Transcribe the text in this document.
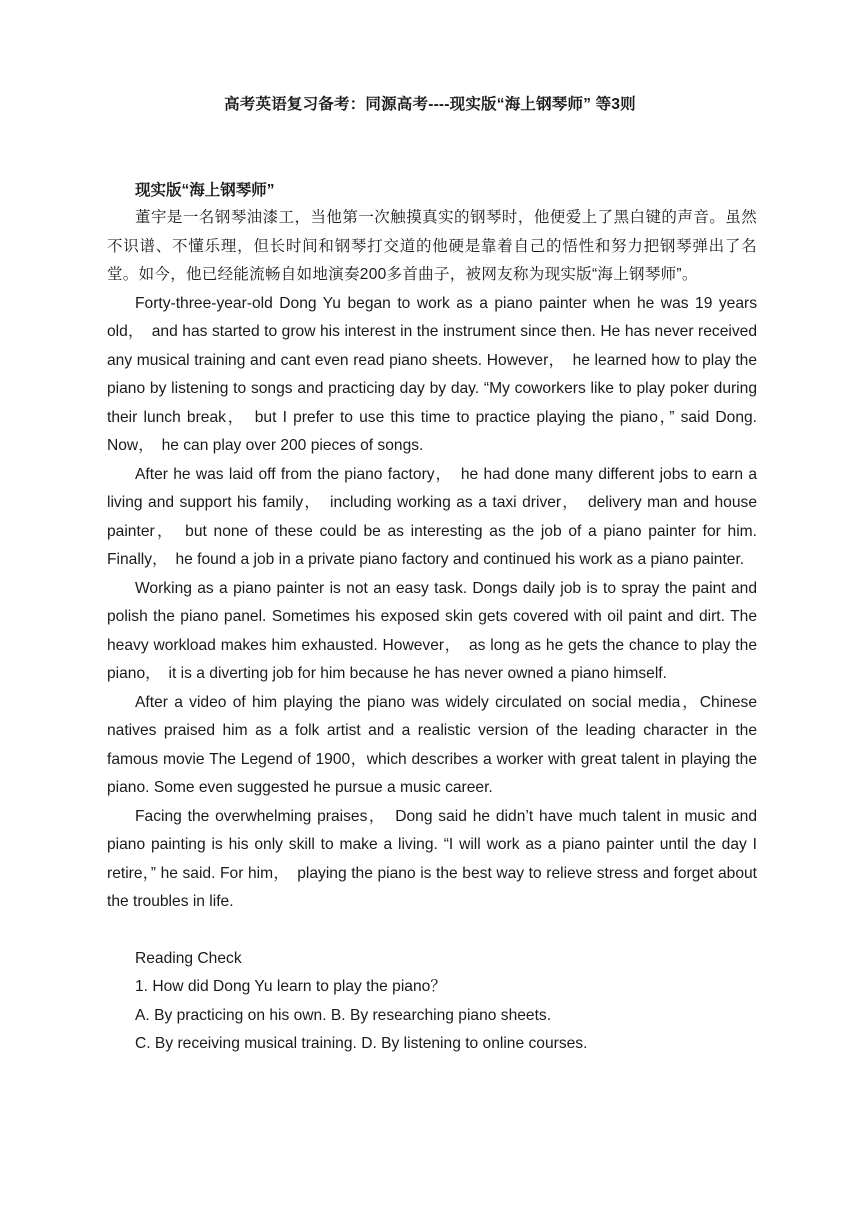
高考英语复习备考：同源高考----现实版“海上钢琴师” 等3则

现实版“海上钢琴师”

董宇是一名钢琴油漆工，当他第一次触摸真实的钢琴时，他便爱上了黑白键的声音。虽然不识谱、不懂乐理，但长时间和钢琴打交道的他硬是靠着自己的悟性和努力把钢琴弹出了名堂。如今，他已经能流畅自如地演奏200多首曲子，被网友称为现实版“海上钢琴师”。

Forty-three-year-old Dong Yu began to work as a piano painter when he was 19 years old，　and has started to grow his interest in the instrument since then. He has never received any musical training and cant even read piano sheets. However，　he learned how to play the piano by listening to songs and practicing day by day. “My coworkers like to play poker during their lunch break，　but I prefer to use this time to practice playing the piano，” said Dong. Now，　he can play over 200 pieces of songs.

After he was laid off from the piano factory，　he had done many different jobs to earn a living and support his family，　including working as a taxi driver，　delivery man and house painter，　but none of these could be as interesting as the job of a piano painter for him. Finally，　he found a job in a private piano factory and continued his work as a piano painter.

Working as a piano painter is not an easy task. Dongs daily job is to spray the paint and polish the piano panel. Sometimes his exposed skin gets covered with oil paint and dirt. The heavy workload makes him exhausted. However，　as long as he gets the chance to play the piano，　it is a diverting job for him because he has never owned a piano himself.

After a video of him playing the piano was widely circulated on social media，Chinese natives praised him as a folk artist and a realistic version of the leading character in the famous movie The Legend of 1900，which describes a worker with great talent in playing the piano. Some even suggested he pursue a music career.

Facing the overwhelming praises，　Dong said he didn’t have much talent in music and piano painting is his only skill to make a living. “I will work as a piano painter until the day I retire，” he said. For him，　playing the piano is the best way to relieve stress and forget about the troubles in life.

Reading Check

1. How did Dong Yu learn to play the piano？

A. By practicing on his own. B. By researching piano sheets.

C. By receiving musical training. D. By listening to online courses.
